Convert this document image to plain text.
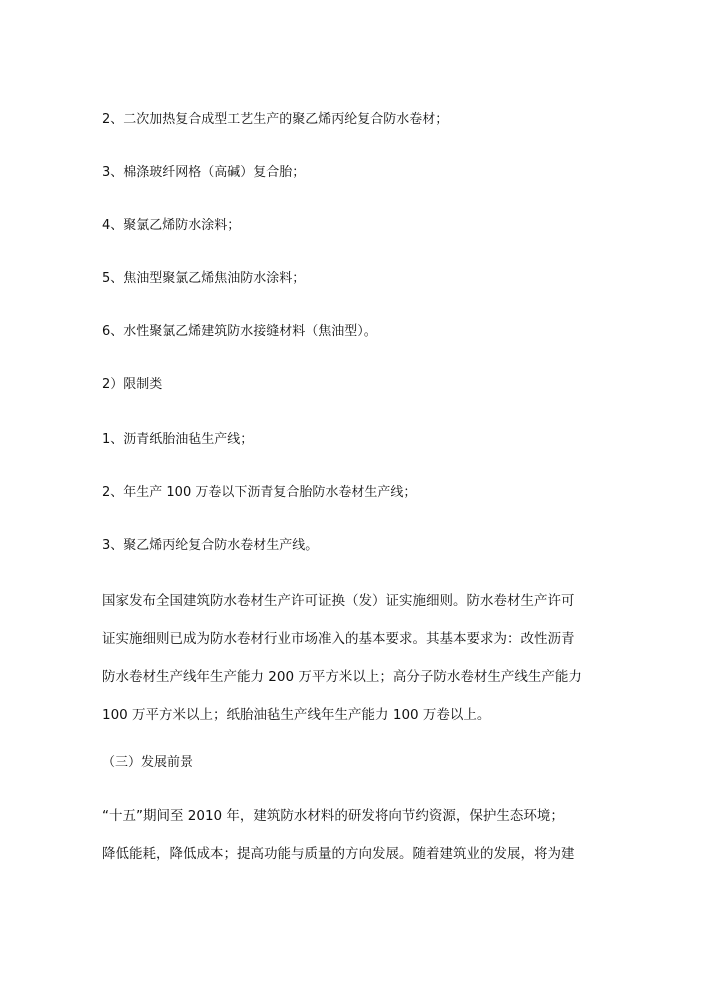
2、二次加热复合成型工艺生产的聚乙烯丙纶复合防水卷材；
3、棉涤玻纤网格（高碱）复合胎；
4、聚氯乙烯防水涂料；
5、焦油型聚氯乙烯焦油防水涂料；
6、水性聚氯乙烯建筑防水接缝材料（焦油型）。
2）限制类
1、沥青纸胎油毡生产线；
2、年生产 100 万卷以下沥青复合胎防水卷材生产线；
3、聚乙烯丙纶复合防水卷材生产线。
国家发布全国建筑防水卷材生产许可证换（发）证实施细则。防水卷材生产许可
证实施细则已成为防水卷材行业市场准入的基本要求。其基本要求为：改性沥青
防水卷材生产线年生产能力 200 万平方米以上；高分子防水卷材生产线生产能力
100 万平方米以上；纸胎油毡生产线年生产能力 100 万卷以上。
（三）发展前景
“十五”期间至 2010 年，建筑防水材料的研发将向节约资源，保护生态环境；
降低能耗，降低成本；提高功能与质量的方向发展。随着建筑业的发展，将为建
